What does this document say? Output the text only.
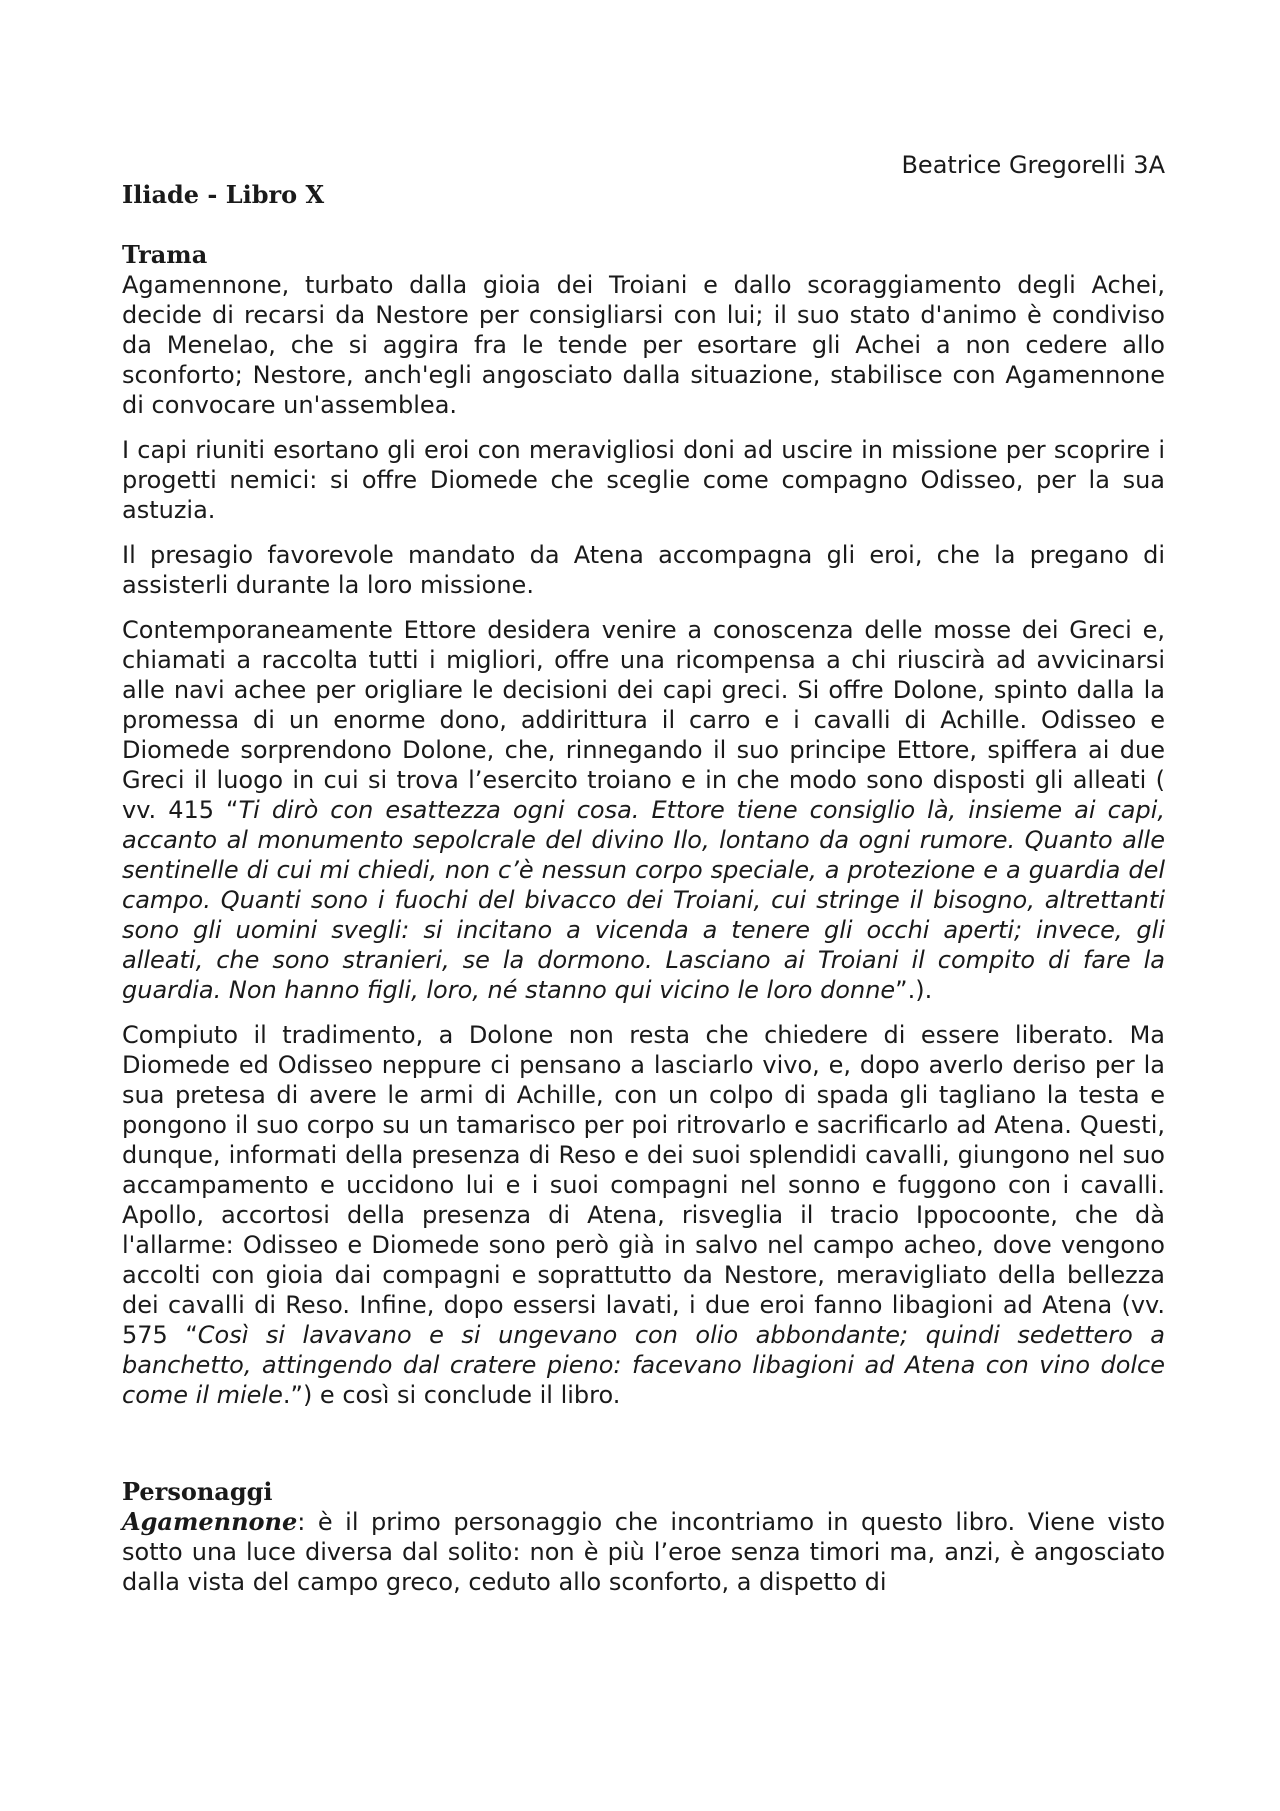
Beatrice Gregorelli 3A

Iliade - Libro X
Trama

Agamennone, turbato dalla gioia dei Troiani e dallo scoraggiamento degli Achei, decide di recarsi da Nestore per consigliarsi con lui; il suo stato d'animo è condiviso da Menelao, che si aggira fra le tende per esortare gli Achei a non cedere allo sconforto; Nestore, anch'egli angosciato dalla situazione, stabilisce con Agamennone di convocare un'assemblea.

I capi riuniti esortano gli eroi con meravigliosi doni ad uscire in missione per scoprire i progetti nemici: si offre Diomede che sceglie come compagno Odisseo, per la sua astuzia.

Il presagio favorevole mandato da Atena accompagna gli eroi, che la pregano di assisterli durante la loro missione.

Contemporaneamente Ettore desidera venire a conoscenza delle mosse dei Greci e, chiamati a raccolta tutti i migliori, offre una ricompensa a chi riuscirà ad avvicinarsi alle navi achee per origliare le decisioni dei capi greci. Si offre Dolone, spinto dalla la promessa di un enorme dono, addirittura il carro e i cavalli di Achille. Odisseo e Diomede sorprendono Dolone, che, rinnegando il suo principe Ettore, spiffera ai due Greci il luogo in cui si trova l’esercito troiano e in che modo sono disposti gli alleati ( vv. 415 “Ti dirò con esattezza ogni cosa. Ettore tiene consiglio là, insieme ai capi, accanto al monumento sepolcrale del divino Ilo, lontano da ogni rumore. Quanto alle sentinelle di cui mi chiedi, non c’è nessun corpo speciale, a protezione e a guardia del campo. Quanti sono i fuochi del bivacco dei Troiani, cui stringe il bisogno, altrettanti sono gli uomini svegli: si incitano a vicenda a tenere gli occhi aperti; invece, gli alleati, che sono stranieri, se la dormono. Lasciano ai Troiani il compito di fare la guardia. Non hanno figli, loro, né stanno qui vicino le loro donne”.).

Compiuto il tradimento, a Dolone non resta che chiedere di essere liberato. Ma Diomede ed Odisseo neppure ci pensano a lasciarlo vivo, e, dopo averlo deriso per la sua pretesa di avere le armi di Achille, con un colpo di spada gli tagliano la testa e pongono il suo corpo su un tamarisco per poi ritrovarlo e sacrificarlo ad Atena. Questi, dunque, informati della presenza di Reso e dei suoi splendidi cavalli, giungono nel suo accampamento e uccidono lui e i suoi compagni nel sonno e fuggono con i cavalli. Apollo, accortosi della presenza di Atena, risveglia il tracio Ippocoonte, che dà l'allarme: Odisseo e Diomede sono però già in salvo nel campo acheo, dove vengono accolti con gioia dai compagni e soprattutto da Nestore, meravigliato della bellezza dei cavalli di Reso. Infine, dopo essersi lavati, i due eroi fanno libagioni ad Atena (vv. 575 “Così si lavavano e si ungevano con olio abbondante; quindi sedettero a banchetto, attingendo dal cratere pieno: facevano libagioni ad Atena con vino dolce come il miele.”) e così si conclude il libro.

Personaggi

Agamennone: è il primo personaggio che incontriamo in questo libro. Viene visto sotto una luce diversa dal solito: non è più l’eroe senza timori ma, anzi, è angosciato dalla vista del campo greco, ceduto allo sconforto, a dispetto di
